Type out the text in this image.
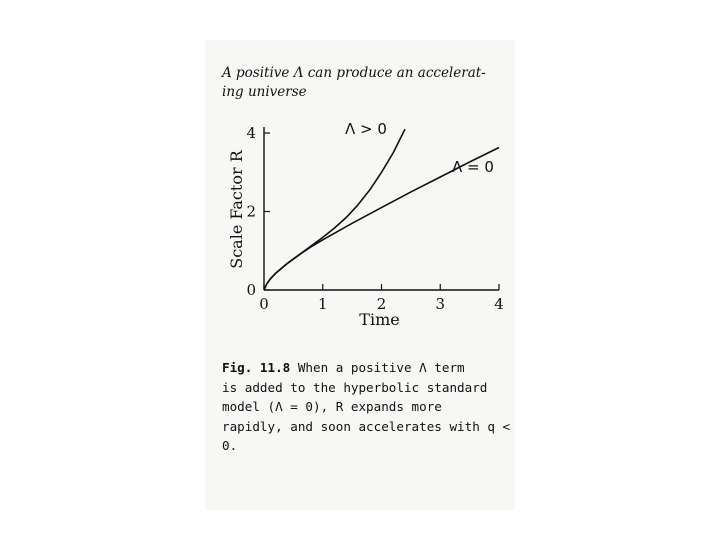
A positive Λ can produce an accelerat-
ing universe
0	1	2	3	4
0
2
4
Λ = 0
Λ > 0
Time
Scale Factor R
Fig. 11.8 When a positive Λ term
is added to the hyperbolic standard
model (Λ = 0), R expands more
rapidly, and soon accelerates with q <
0.
